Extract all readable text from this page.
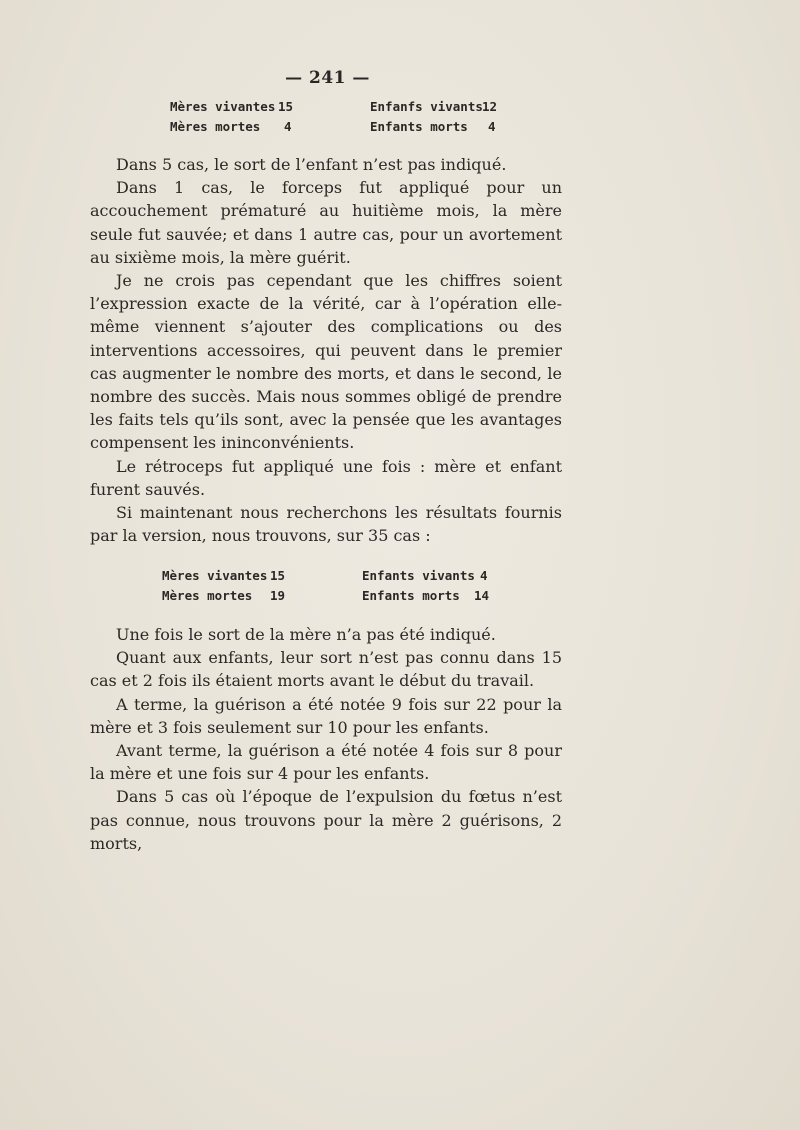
— 241 —
Mères vivantes 15	Enfanfs vivants 12
Mères mortes 4	Enfants morts 4

Dans 5 cas, le sort de l’enfant n’est pas indiqué.

Dans 1 cas, le forceps fut appliqué pour un accouchement prématuré au huitième mois, la mère seule fut sauvée; et dans 1 autre cas, pour un avortement au sixième mois, la mère guérit.

Je ne crois pas cependant que les chiffres soient l’expression exacte de la vérité, car à l’opération elle-même viennent s’ajouter des complications ou des interventions accessoires, qui peuvent dans le premier cas augmenter le nombre des morts, et dans le second, le nombre des succès. Mais nous sommes obligé de prendre les faits tels qu’ils sont, avec la pensée que les avantages compensent les ininconvénients.

Le rétroceps fut appliqué une fois : mère et enfant furent sauvés.

Si maintenant nous recherchons les résultats fournis par la version, nous trouvons, sur 35 cas :

Mères vivantes 15	Enfants vivants 4
Mères mortes 19	Enfants morts 14

Une fois le sort de la mère n’a pas été indiqué.

Quant aux enfants, leur sort n’est pas connu dans 15 cas et 2 fois ils étaient morts avant le début du travail.

A terme, la guérison a été notée 9 fois sur 22 pour la mère et 3 fois seulement sur 10 pour les enfants.

Avant terme, la guérison a été notée 4 fois sur 8 pour la mère et une fois sur 4 pour les enfants.

Dans 5 cas où l’époque de l’expulsion du fœtus n’est pas connue, nous trouvons pour la mère 2 guérisons, 2 morts,
